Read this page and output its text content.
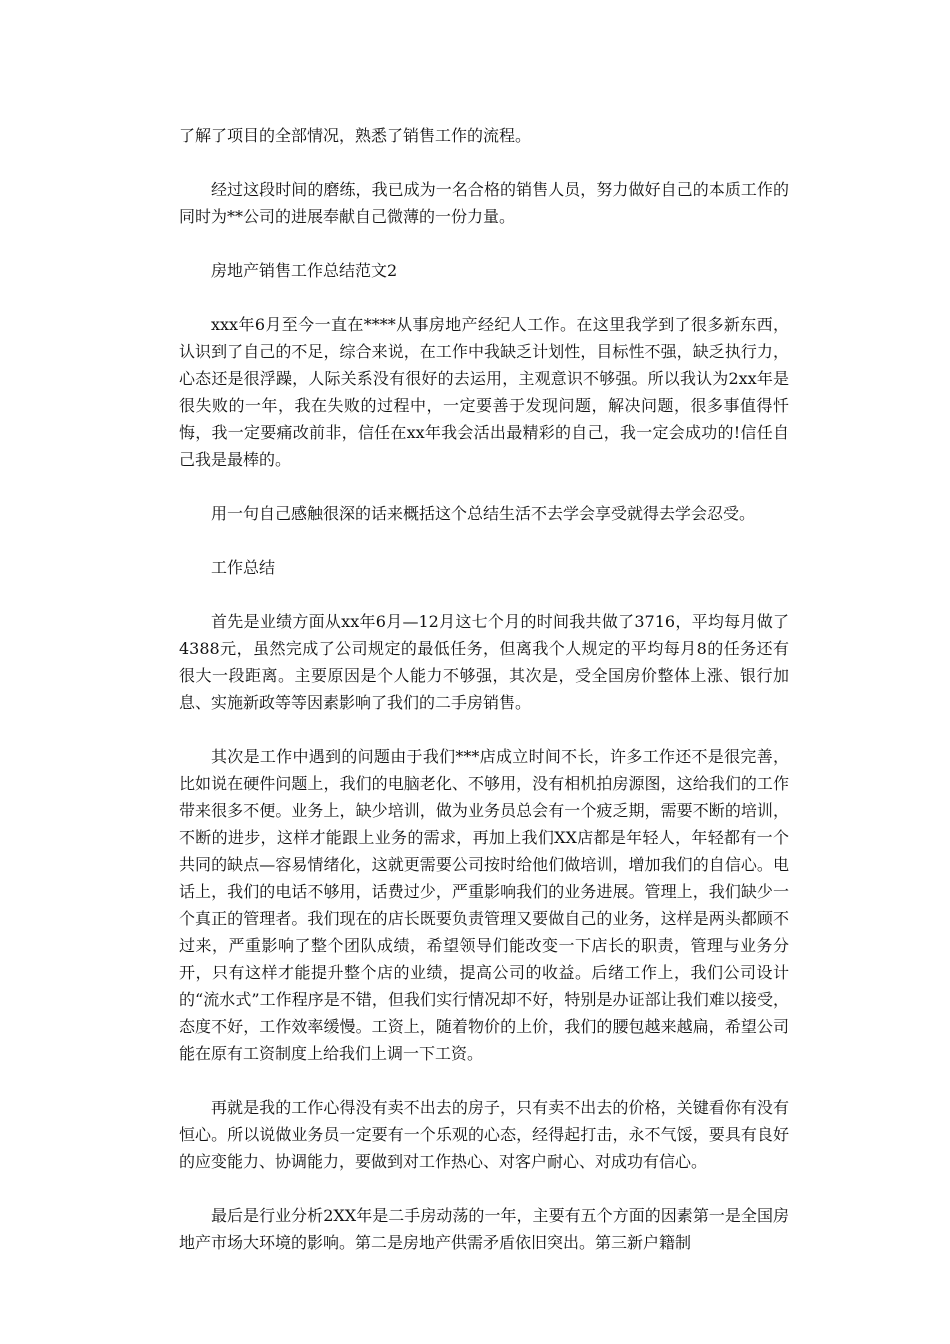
了解了项目的全部情况，熟悉了销售工作的流程。

经过这段时间的磨练，我已成为一名合格的销售人员，努力做好自己的本质工作的同时为**公司的进展奉献自己微薄的一份力量。

房地产销售工作总结范文2

xxx年6月至今一直在****从事房地产经纪人工作。在这里我学到了很多新东西，认识到了自己的不足，综合来说，在工作中我缺乏计划性，目标性不强，缺乏执行力，心态还是很浮躁，人际关系没有很好的去运用，主观意识不够强。所以我认为2xx年是很失败的一年，我在失败的过程中，一定要善于发现问题，解决问题，很多事值得忏悔，我一定要痛改前非，信任在xx年我会活出最精彩的自己，我一定会成功的!信任自己我是最棒的。

用一句自己感触很深的话来概括这个总结生活不去学会享受就得去学会忍受。

工作总结

首先是业绩方面从xx年6月—12月这七个月的时间我共做了3716，平均每月做了4388元，虽然完成了公司规定的最低任务，但离我个人规定的平均每月8的任务还有很大一段距离。主要原因是个人能力不够强，其次是，受全国房价整体上涨、银行加息、实施新政等等因素影响了我们的二手房销售。

其次是工作中遇到的问题由于我们***店成立时间不长，许多工作还不是很完善，比如说在硬件问题上，我们的电脑老化、不够用，没有相机拍房源图，这给我们的工作带来很多不便。业务上，缺少培训，做为业务员总会有一个疲乏期，需要不断的培训，不断的进步，这样才能跟上业务的需求，再加上我们XX店都是年轻人，年轻都有一个共同的缺点—容易情绪化，这就更需要公司按时给他们做培训，增加我们的自信心。电话上，我们的电话不够用，话费过少，严重影响我们的业务进展。管理上，我们缺少一个真正的管理者。我们现在的店长既要负责管理又要做自己的业务，这样是两头都顾不过来，严重影响了整个团队成绩，希望领导们能改变一下店长的职责，管理与业务分开，只有这样才能提升整个店的业绩，提高公司的收益。后绪工作上，我们公司设计的“流水式”工作程序是不错，但我们实行情况却不好，特别是办证部让我们难以接受，态度不好，工作效率缓慢。工资上，随着物价的上价，我们的腰包越来越扁，希望公司能在原有工资制度上给我们上调一下工资。

再就是我的工作心得没有卖不出去的房子，只有卖不出去的价格，关键看你有没有恒心。所以说做业务员一定要有一个乐观的心态，经得起打击，永不气馁，要具有良好的应变能力、协调能力，要做到对工作热心、对客户耐心、对成功有信心。

最后是行业分析2XX年是二手房动荡的一年，主要有五个方面的因素第一是全国房地产市场大环境的影响。第二是房地产供需矛盾依旧突出。第三新户籍制
